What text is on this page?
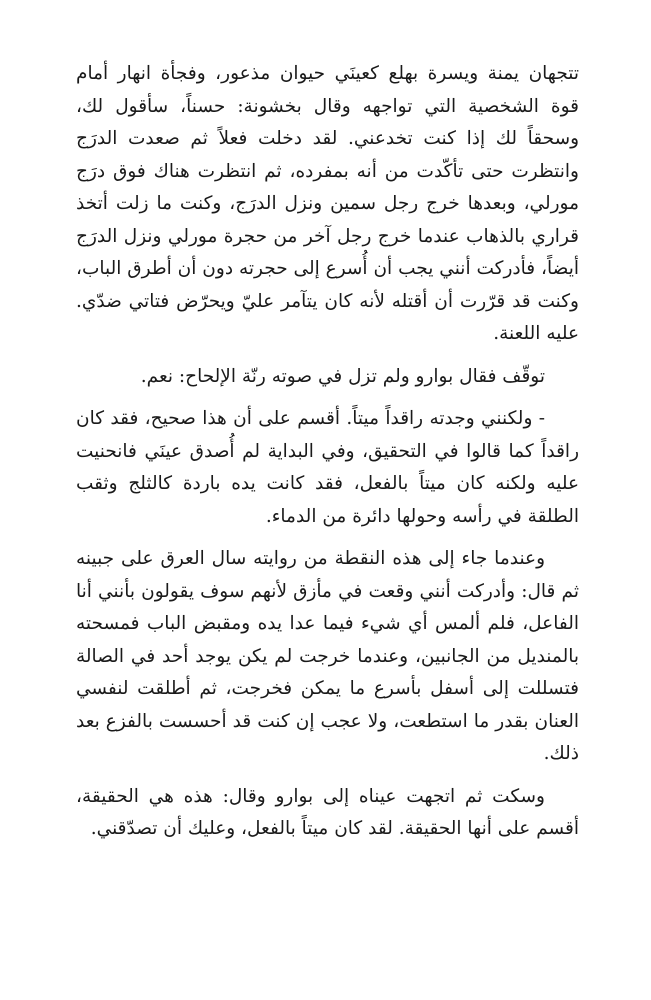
تتجهان يمنة ويسرة بهلع كعينَي حيوان مذعور، وفجأة انهار أمام قوة الشخصية التي تواجهه وقال بخشونة: حسناً، سأقول لك، وسحقاً لك إذا كنت تخدعني. لقد دخلت فعلاً ثم صعدت الدرَج وانتظرت حتى تأكّدت من أنه بمفرده، ثم انتظرت هناك فوق درَج مورلي، وبعدها خرج رجل سمين ونزل الدرَج، وكنت ما زلت أتخذ قراري بالذهاب عندما خرج رجل آخر من حجرة مورلي ونزل الدرَج أيضاً، فأدركت أنني يجب أن أُسرع إلى حجرته دون أن أطرق الباب، وكنت قد قرّرت أن أقتله لأنه كان يتآمر عليّ ويحرّض فتاتي ضدّي. عليه اللعنة.

توقّف فقال بوارو ولم تزل في صوته رنّة الإلحاح: نعم.

- ولكنني وجدته راقداً ميتاً. أقسم على أن هذا صحيح، فقد كان راقداً كما قالوا في التحقيق، وفي البداية لم أُصدق عينَي فانحنيت عليه ولكنه كان ميتاً بالفعل، فقد كانت يده باردة كالثلج وثقب الطلقة في رأسه وحولها دائرة من الدماء.

وعندما جاء إلى هذه النقطة من روايته سال العرق على جبينه ثم قال: وأدركت أنني وقعت في مأزق لأنهم سوف يقولون بأنني أنا الفاعل، فلم ألمس أي شيء فيما عدا يده ومقبض الباب فمسحته بالمنديل من الجانبين، وعندما خرجت لم يكن يوجد أحد في الصالة فتسللت إلى أسفل بأسرع ما يمكن فخرجت، ثم أطلقت لنفسي العنان بقدر ما استطعت، ولا عجب إن كنت قد أحسست بالفزع بعد ذلك.

وسكت ثم اتجهت عيناه إلى بوارو وقال: هذه هي الحقيقة، أقسم على أنها الحقيقة. لقد كان ميتاً بالفعل، وعليك أن تصدّقني.
